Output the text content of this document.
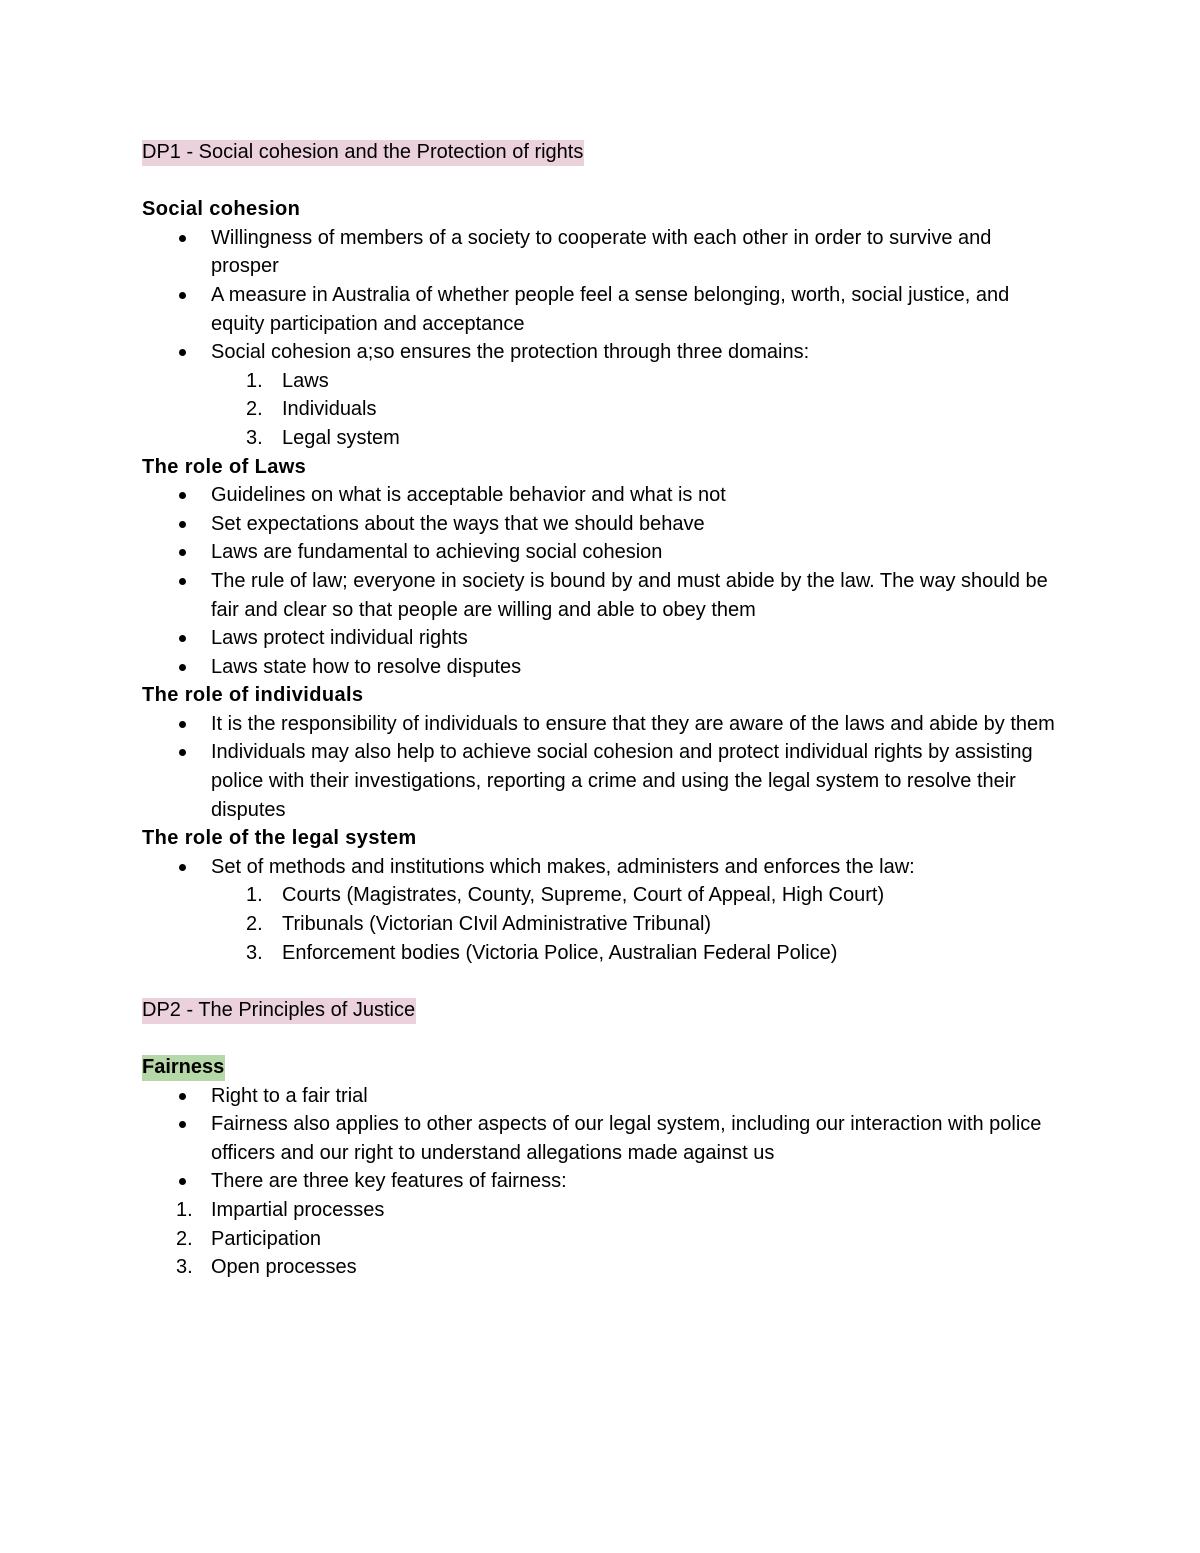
DP1 - Social cohesion and the Protection of rights

Social cohesion

Willingness of members of a society to cooperate with each other in order to survive and prosper
A measure in Australia of whether people feel a sense belonging, worth, social justice, and equity participation and acceptance
Social cohesion a;so ensures the protection through three domains:
1. Laws
2. Individuals
3. Legal system

The role of Laws

Guidelines on what is acceptable behavior and what is not
Set expectations about the ways that we should behave
Laws are fundamental to achieving social cohesion
The rule of law; everyone in society is bound by and must abide by the law. The way should be fair and clear so that people are willing and able to obey them
Laws protect individual rights
Laws state how to resolve disputes

The role of individuals

It is the responsibility of individuals to ensure that they are aware of the laws and abide by them
Individuals may also help to achieve social cohesion and protect individual rights by assisting police with their investigations, reporting a crime and using the legal system to resolve their disputes

The role of the legal system

Set of methods and institutions which makes, administers and enforces the law:
1. Courts (Magistrates, County, Supreme, Court of Appeal, High Court)
2. Tribunals (Victorian CIvil Administrative Tribunal)
3. Enforcement bodies (Victoria Police, Australian Federal Police)

DP2 - The Principles of Justice

Fairness

Right to a fair trial
Fairness also applies to other aspects of our legal system, including our interaction with police officers and our right to understand allegations made against us
There are three key features of fairness:
1. Impartial processes
2. Participation
3. Open processes
